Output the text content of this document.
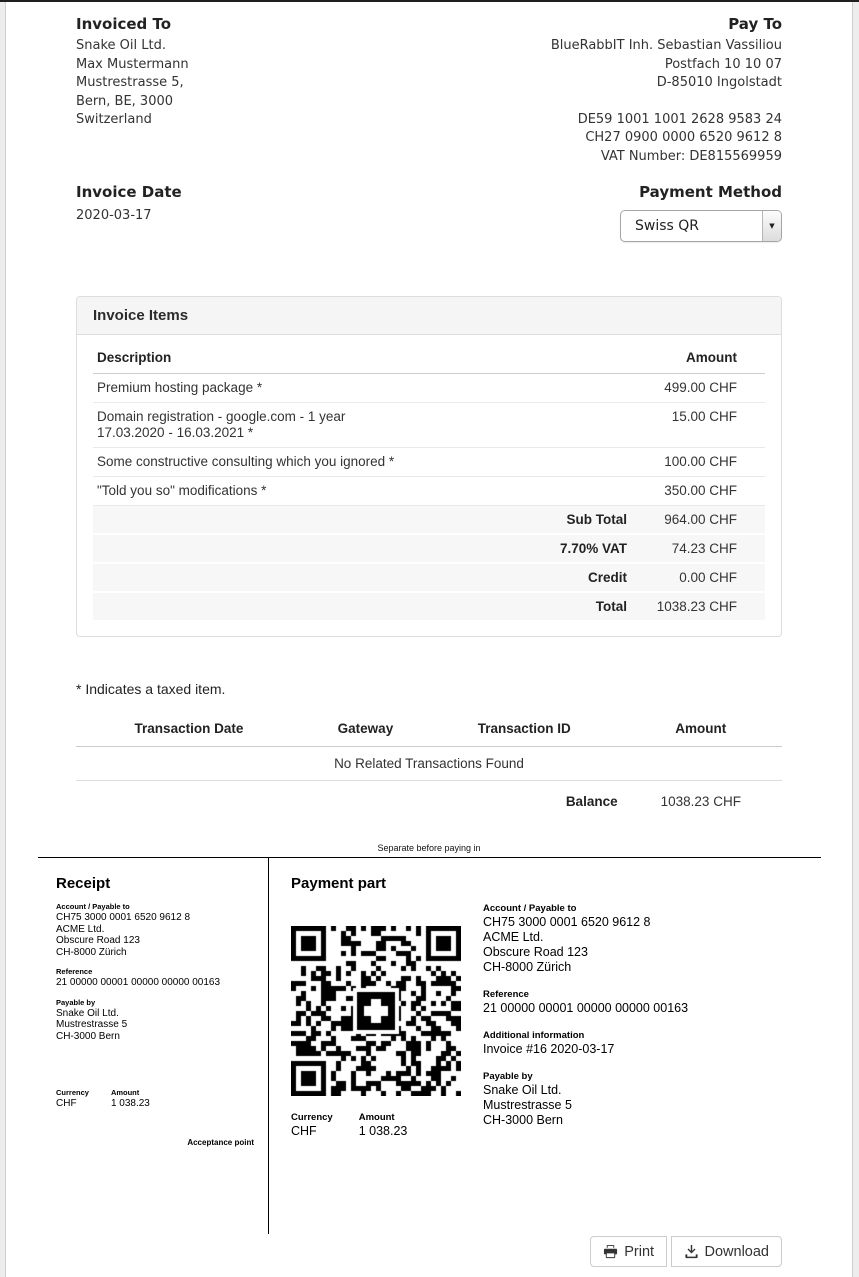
Invoiced To
Snake Oil Ltd.
Max Mustermann
Mustrestrasse 5,
Bern, BE, 3000
Switzerland
Pay To
BlueRabbIT Inh. Sebastian Vassiliou
Postfach 10 10 07
D-85010 Ingolstadt
DE59 1001 1001 2628 9583 24
CH27 0900 0000 6520 9612 8
VAT Number: DE815569959
Invoice Date
2020-03-17
Payment Method
Swiss QR	▼
Invoice Items
Description	Amount

Premium hosting package *	499.00 CHF

Domain registration - google.com - 1 year
17.03.2020 - 16.03.2021 *	15.00 CHF

Some constructive consulting which you ignored *	100.00 CHF

"Told you so" modifications *	350.00 CHF
Sub Total	964.00 CHF
7.70% VAT	74.23 CHF
Credit	0.00 CHF
Total	1038.23 CHF
* Indicates a taxed item.
Transaction Date	Gateway	Transaction ID	Amount
No Related Transactions Found			
		Balance	1038.23 CHF
Separate before paying in
Receipt
Account / Payable to
CH75 3000 0001 6520 9612 8
ACME Ltd.
Obscure Road 123
CH-8000 Zürich
Reference
21 00000 00001 00000 00000 00163
Payable by
Snake Oil Ltd.
Mustrestrasse 5
CH-3000 Bern
Currency
CHF
Amount
1 038.23
Acceptance point
Payment part
Currency
CHF
Amount
1 038.23
Account / Payable to
CH75 3000 0001 6520 9612 8
ACME Ltd.
Obscure Road 123
CH-8000 Zürich
Reference
21 00000 00001 00000 00000 00163
Additional information
Invoice #16 2020-03-17
Payable by
Snake Oil Ltd.
Mustrestrasse 5
CH-3000 Bern
Print
	Download
